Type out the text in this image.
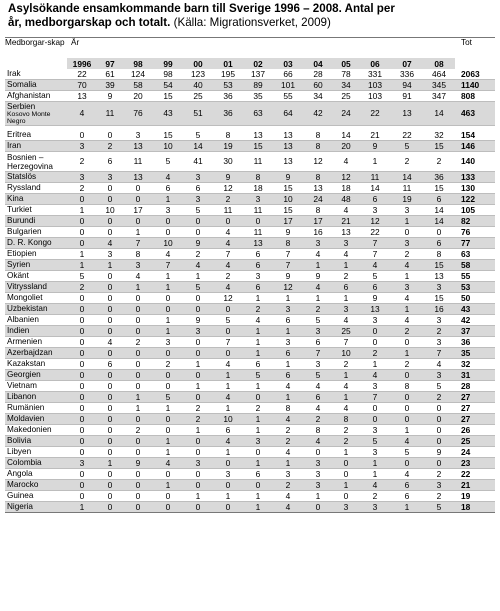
Asylsökande ensamkommande barn till Sverige 1996 – 2008. Antal per
år, medborgarskap och totalt. (Källa: Migrationsverket, 2009)
Medborgar-skap	År													Tot
	1996	97	98	99	00	01	02	03	04	05	06	07	08	
Irak	22	61	124	98	123	195	137	66	28	78	331	336	464	2063
Somalia	70	39	58	54	40	53	89	101	60	34	103	94	345	1140
Afghanistan	13	9	20	15	25	36	35	55	34	25	103	91	347	808
Serbien
Kosovo Monte Negro	4	11	76	43	51	36	63	64	42	24	22	13	14	463

Eritrea	0	0	3	15	5	8	13	13	8	14	21	22	32	154
Iran	3	2	13	10	14	19	15	13	8	20	9	5	15	146
Bosnien – Herzegovina	2	6	11	5	41	30	11	13	12	4	1	2	2	140
Statslös	3	3	13	4	3	9	8	9	8	12	11	14	36	133
Ryssland	2	0	0	6	6	12	18	15	13	18	14	11	15	130
Kina	0	0	0	1	3	2	3	10	24	48	6	19	6	122
Turkiet	1	10	17	3	5	11	11	15	8	4	3	3	14	105
Burundi	0	0	0	0	0	0	0	17	17	21	12	1	14	82
Bulgarien	0	0	1	0	0	4	11	9	16	13	22	0	0	76
D. R. Kongo	0	4	7	10	9	4	13	8	3	3	7	3	6	77
Etiopien	1	3	8	4	2	7	6	7	4	4	7	2	8	63
Syrien	1	1	3	7	4	4	6	7	1	1	4	4	15	58
Okänt	5	0	4	1	1	2	3	9	9	2	5	1	13	55
Vitryssland	2	0	1	1	5	4	6	12	4	6	6	3	3	53
Mongoliet	0	0	0	0	0	12	1	1	1	1	9	4	15	50
Uzbekistan	0	0	0	0	0	0	2	3	2	3	13	1	16	43
Albanien	0	0	0	1	9	5	4	6	5	4	3	4	3	42
Indien	0	0	0	1	3	0	1	1	3	25	0	2	2	37
Armenien	0	4	2	3	0	7	1	3	6	7	0	0	3	36
Azerbajdzan	0	0	0	0	0	0	1	6	7	10	2	1	7	35
Kazakstan	0	6	0	2	1	4	6	1	3	2	1	2	4	32
Georgien	0	0	0	0	0	1	5	6	5	1	4	0	3	31
Vietnam	0	0	0	0	1	1	1	4	4	4	3	8	5	28
Libanon	0	0	1	5	0	4	0	1	6	1	7	0	2	27
Rumänien	0	0	1	1	2	1	2	8	4	4	0	0	0	27
Moldavien	0	0	0	0	2	10	1	4	2	8	0	0	0	27
Makedonien	0	0	2	0	1	6	1	2	8	2	3	1	0	26
Bolivia	0	0	0	1	0	4	3	2	4	2	5	4	0	25
Libyen	0	0	0	1	0	1	0	4	0	1	3	5	9	24
Colombia	3	1	9	4	3	0	1	1	3	0	1	0	0	23
Angola	0	0	0	0	0	3	6	3	3	0	1	4	2	22
Marocko	0	0	0	1	0	0	0	2	3	1	4	6	3	21
Guinea	0	0	0	0	1	1	1	4	1	0	2	6	2	19
Nigeria	1	0	0	0	0	0	1	4	0	3	3	1	5	18
